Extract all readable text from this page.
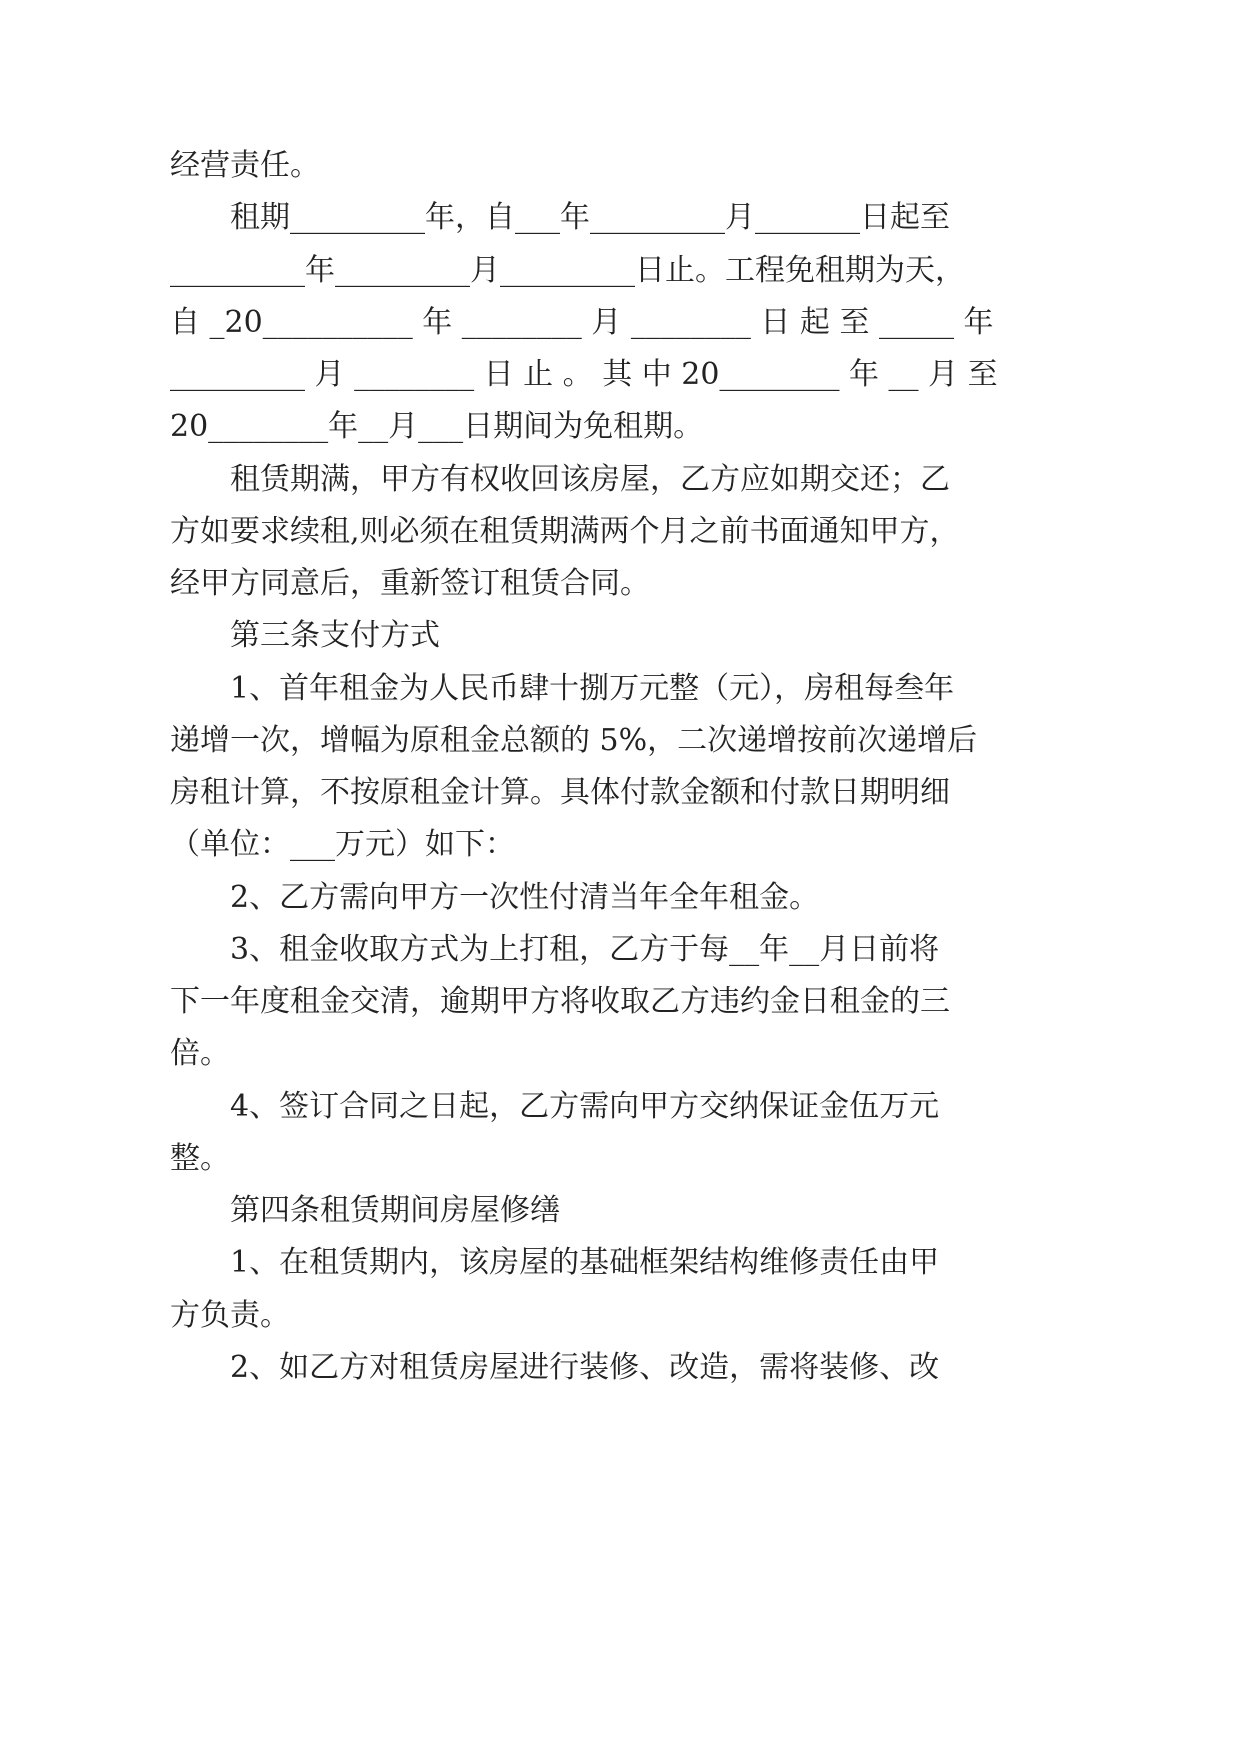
经营责任。
租期_________年，自___年_________月_______日起至
_________年_________月_________日止。工程免租期为天，
自 _20__________ 年 ________ 月 ________ 日 起 至 _____ 年
_________ 月 ________ 日 止 。 其 中 20________ 年 __ 月 至
20________年__月___日期间为免租期。
租赁期满，甲方有权收回该房屋，乙方应如期交还；乙
方如要求续租,则必须在租赁期满两个月之前书面通知甲方，
经甲方同意后，重新签订租赁合同。
第三条支付方式
1、首年租金为人民币肆十捌万元整（元），房租每叁年
递增一次，增幅为原租金总额的 5%，二次递增按前次递增后
房租计算，不按原租金计算。具体付款金额和付款日期明细
（单位：___万元）如下：
2、乙方需向甲方一次性付清当年全年租金。
3、租金收取方式为上打租，乙方于每__年__月日前将
下一年度租金交清，逾期甲方将收取乙方违约金日租金的三
倍。
4、签订合同之日起，乙方需向甲方交纳保证金伍万元
整。
第四条租赁期间房屋修缮
1、在租赁期内，该房屋的基础框架结构维修责任由甲
方负责。
2、如乙方对租赁房屋进行装修、改造，需将装修、改
